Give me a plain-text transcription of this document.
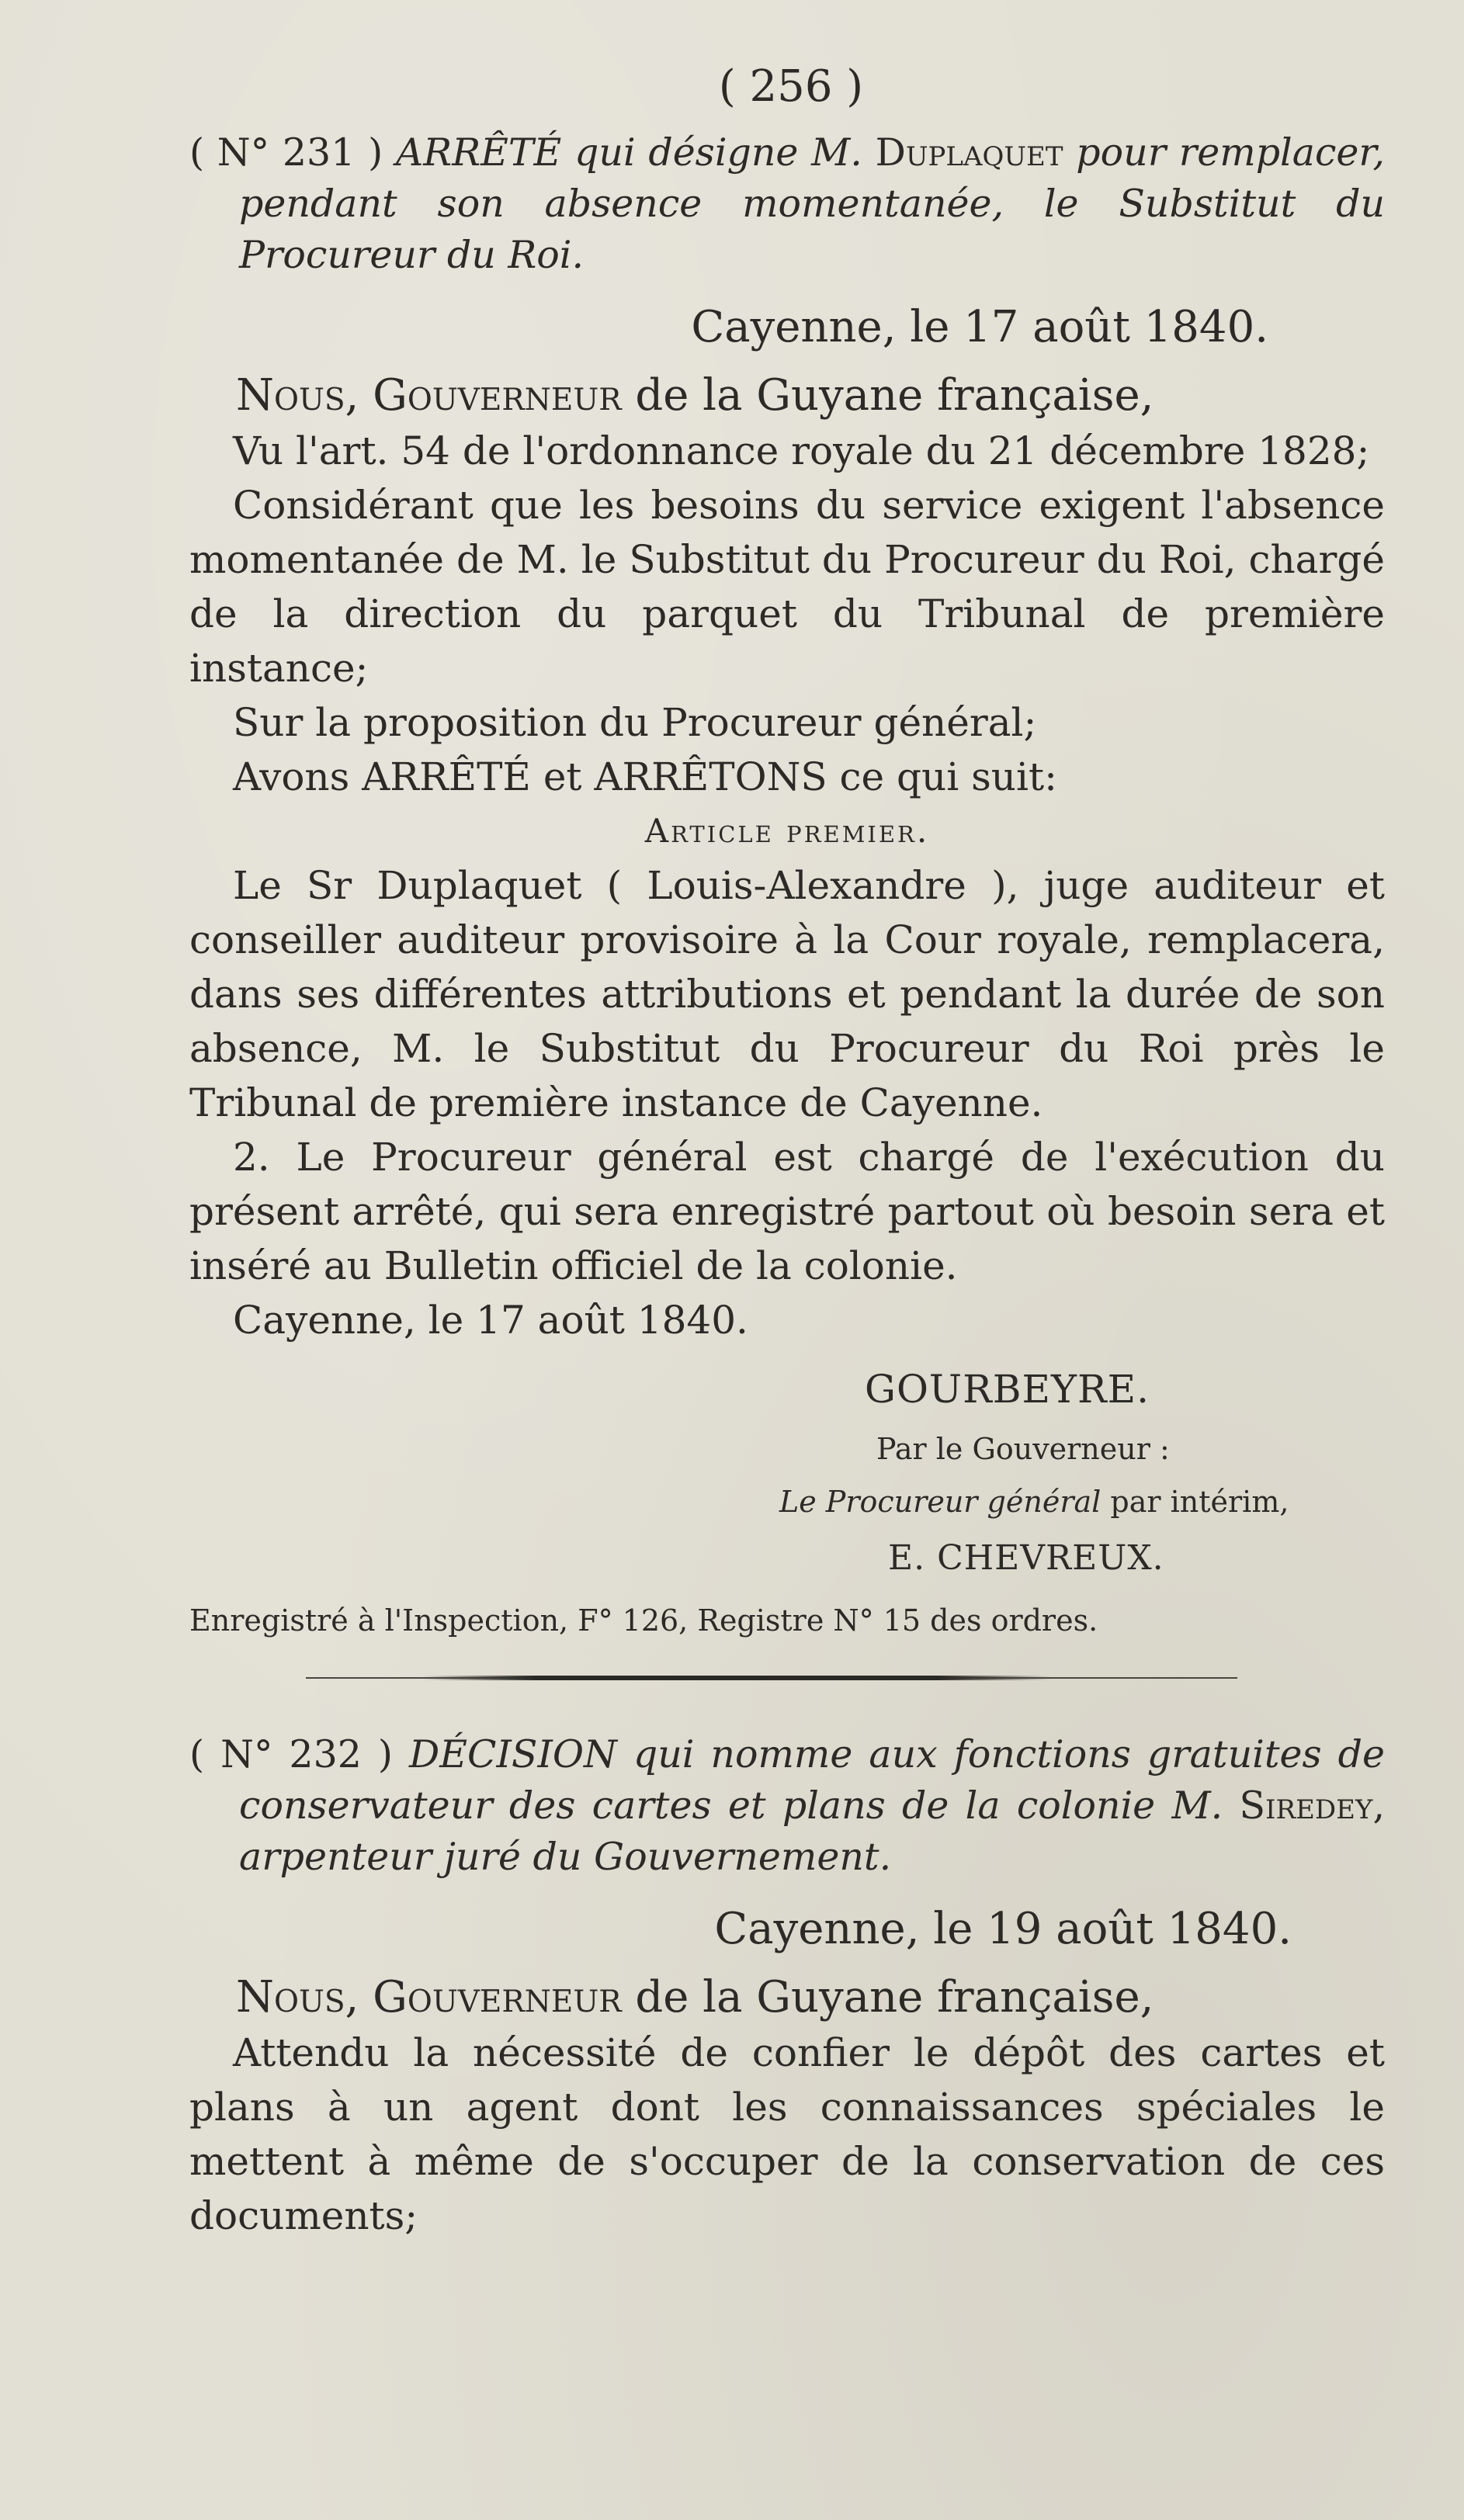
( 256 )

( N° 231 ) ARRÊTÉ qui désigne M. Duplaquet pour remplacer, pendant son absence momentanée, le Substitut du Procureur du Roi.

Cayenne, le 17 août 1840.

Nous, Gouverneur de la Guyane française,

Vu l'art. 54 de l'ordonnance royale du 21 décembre 1828;

Considérant que les besoins du service exigent l'absence momentanée de M. le Substitut du Procureur du Roi, chargé de la direction du parquet du Tribunal de première instance;

Sur la proposition du Procureur général;

Avons ARRÊTÉ et ARRÊTONS ce qui suit:

Article premier.

Le Sr Duplaquet ( Louis-Alexandre ), juge auditeur et conseiller auditeur provisoire à la Cour royale, remplacera, dans ses différentes attributions et pendant la durée de son absence, M. le Substitut du Procureur du Roi près le Tribunal de première instance de Cayenne.

2. Le Procureur général est chargé de l'exécution du présent arrêté, qui sera enregistré partout où besoin sera et inséré au Bulletin officiel de la colonie.

Cayenne, le 17 août 1840.

GOURBEYRE.
Par le Gouverneur :
Le Procureur général par intérim,
E. CHEVREUX.
Enregistré à l'Inspection, F° 126, Registre N° 15 des ordres.

( N° 232 ) DÉCISION qui nomme aux fonctions gratuites de conservateur des cartes et plans de la colonie M. Siredey, arpenteur juré du Gouvernement.

Cayenne, le 19 août 1840.

Nous, Gouverneur de la Guyane française,

Attendu la nécessité de confier le dépôt des cartes et plans à un agent dont les connaissances spéciales le mettent à même de s'occuper de la conservation de ces documents;
